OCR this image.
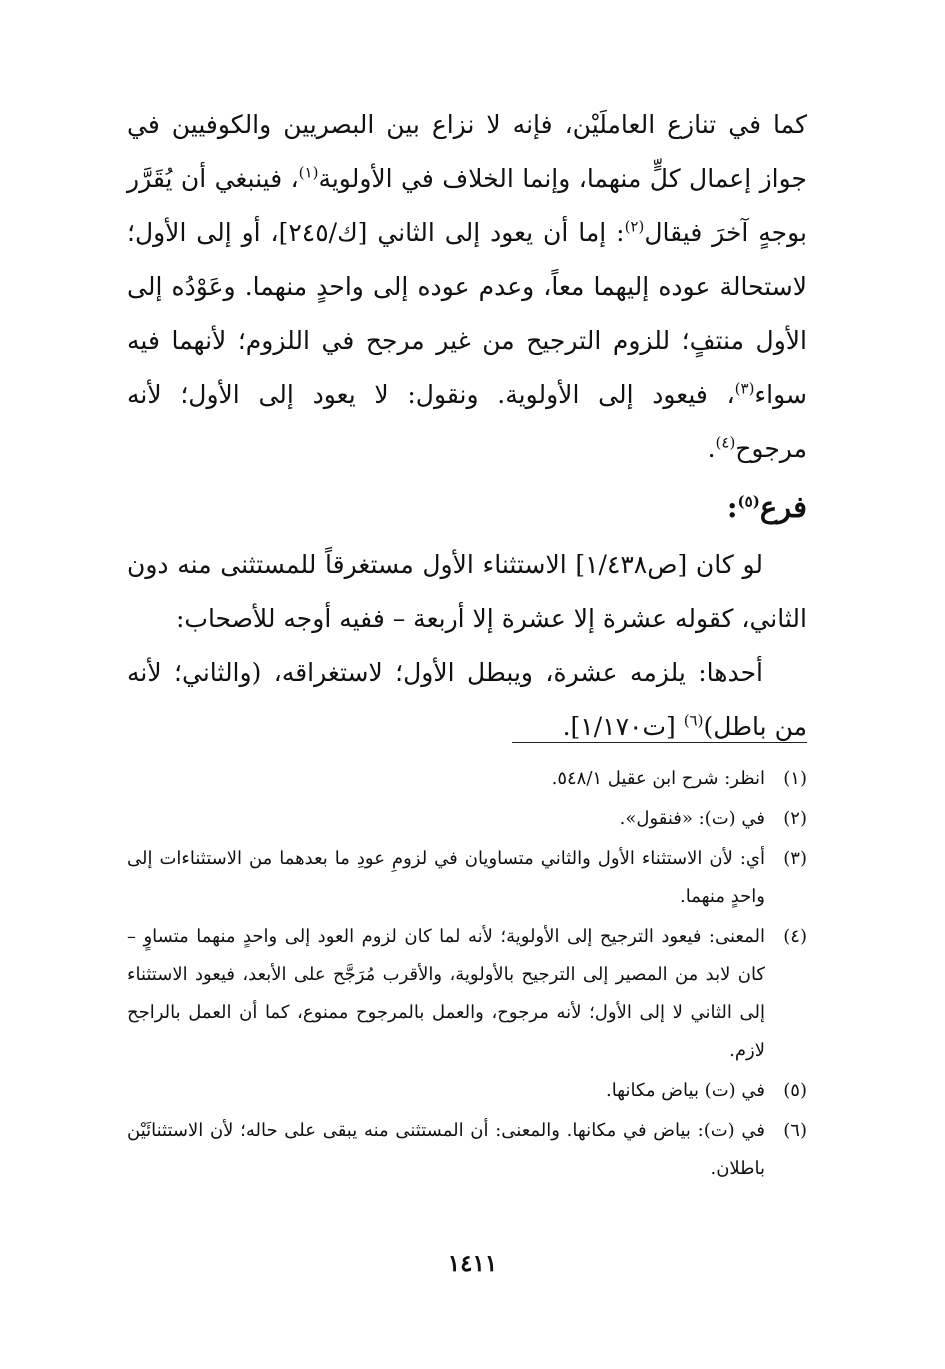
كما في تنازع العاملَيْن، فإنه لا نزاع بين البصريين والكوفيين في جواز إعمال كلٍّ منهما، وإنما الخلاف في الأولوية$^{(١)}$، فينبغي أن يُقَرَّر بوجهٍ آخرَ فيقال$^{(٢)}$: إما أن يعود إلى الثاني [ك/٢٤٥]، أو إلى الأول؛ لاستحالة عوده إليهما معاً، وعدم عوده إلى واحدٍ منهما. وعَوْدُه إلى الأول منتفٍ؛ للزوم الترجيح من غير مرجح في اللزوم؛ لأنهما فيه سواء$^{(٣)}$، فيعود إلى الأولوية. ونقول: لا يعود إلى الأول؛ لأنه مرجوح$^{(٤)}$.

فرع$^{(٥)}$:

لو كان [ص١/٤٣٨] الاستثناء الأول مستغرقاً للمستثنى منه دون الثاني، كقوله عشرة إلا عشرة إلا أربعة – ففيه أوجه للأصحاب:

أحدها: يلزمه عشرة، ويبطل الأول؛ لاستغراقه، (والثاني؛ لأنه من باطل)$^{(٦)}$ [ت١/١٧٠].

(١)
انظر: شرح ابن عقيل ٥٤٨/١.

(٢)
في (ت): «فنقول».

(٣)
أي: لأن الاستثناء الأول والثاني متساويان في لزومِ عودِ ما بعدهما من الاستثناءات إلى واحدٍ منهما.

(٤)
المعنى: فيعود الترجيح إلى الأولوية؛ لأنه لما كان لزوم العود إلى واحدٍ منهما متساوٍ – كان لابد من المصير إلى الترجيح بالأولوية، والأقرب مُرَجَّح على الأبعد، فيعود الاستثناء إلى الثاني لا إلى الأول؛ لأنه مرجوح، والعمل بالمرجوح ممنوع، كما أن العمل بالراجح لازم.

(٥)
في (ت) بياض مكانها.

(٦)
في (ت): بياض في مكانها. والمعنى: أن المستثنى منه يبقى على حاله؛ لأن الاستثنائَيْن باطلان.

١٤١١
